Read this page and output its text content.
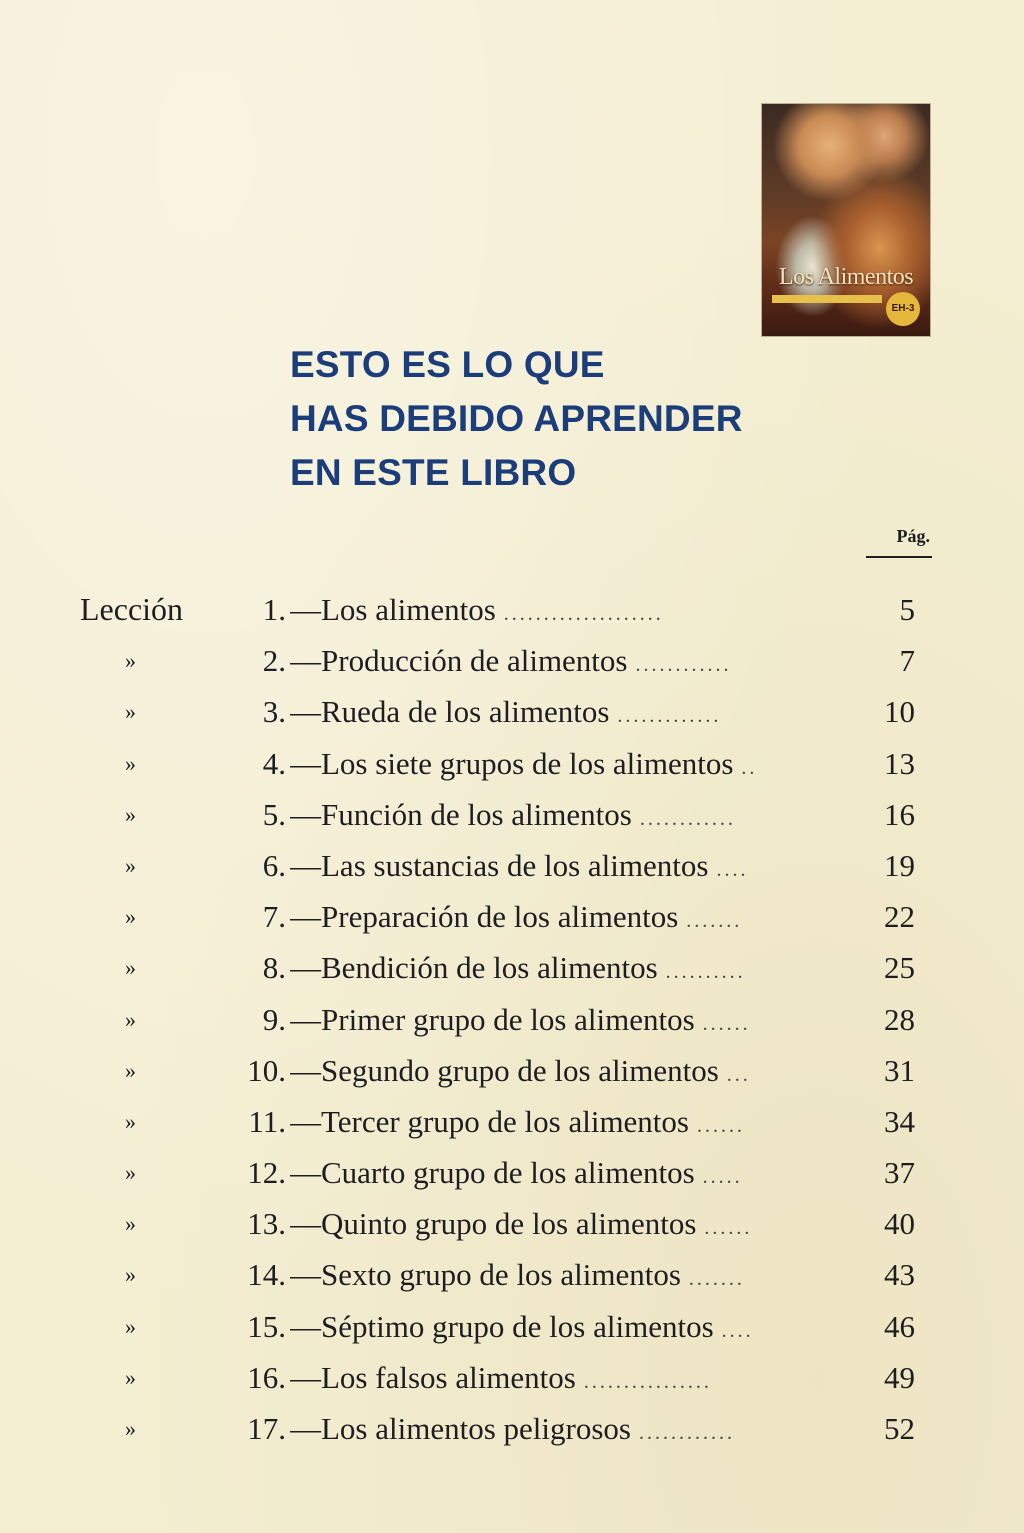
Los Alimentos
EH-3
ESTO ES LO QUE
HAS DEBIDO APRENDER
EN ESTE LIBRO
Pág.
Lección	1. —Los alimentos ....................	5
»	2. —Producción de alimentos ............	7
»	3. —Rueda de los alimentos .............	10
»	4. —Los siete grupos de los alimentos ..	13
»	5. —Función de los alimentos ............	16
»	6. —Las sustancias de los alimentos ....	19
»	7. —Preparación de los alimentos .......	22
»	8. —Bendición de los alimentos ..........	25
»	9. —Primer grupo de los alimentos ......	28
»	10. —Segundo grupo de los alimentos ...	31
»	11. —Tercer grupo de los alimentos ......	34
»	12. —Cuarto grupo de los alimentos .....	37
»	13. —Quinto grupo de los alimentos ......	40
»	14. —Sexto grupo de los alimentos .......	43
»	15. —Séptimo grupo de los alimentos ....	46
»	16. —Los falsos alimentos ................	49
»	17. —Los alimentos peligrosos ............	52
